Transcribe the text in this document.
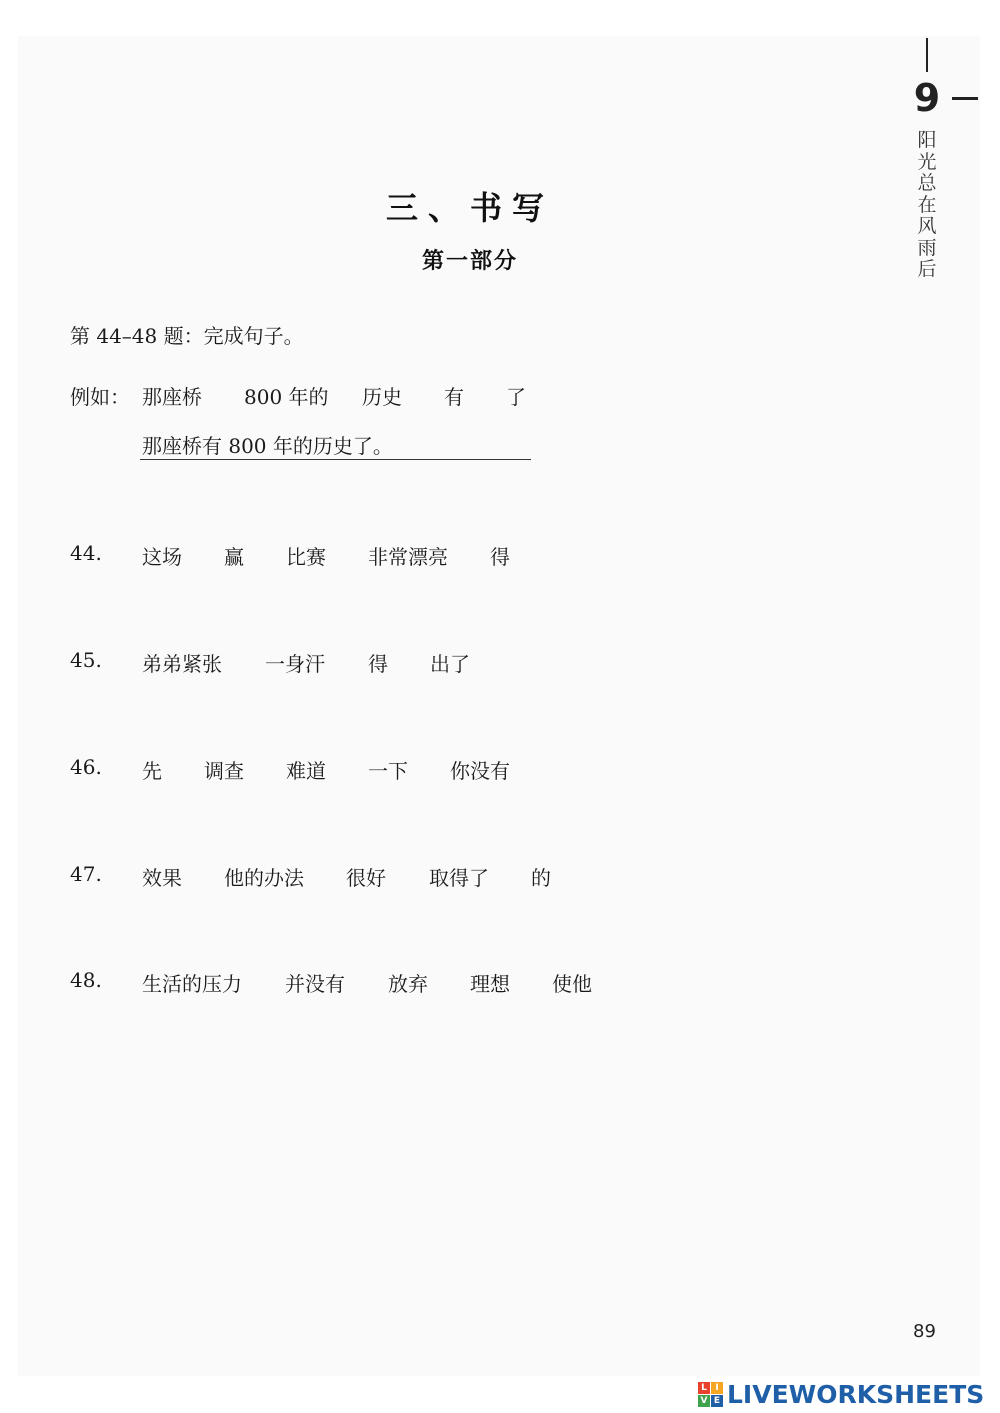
9
阳光总在风雨后
三、书写
第一部分
第 44–48 题：完成句子。
例如： 那座桥 800 年的 历史 有 了
那座桥有 800 年的历史了。
44. 这场 赢 比赛 非常漂亮 得
45. 弟弟紧张 一身汗 得 出了
46. 先 调查 难道 一下 你没有
47. 效果 他的办法 很好 取得了 的
48. 生活的压力 并没有 放弃 理想 使他
89
L I
V E LIVEWORKSHEETS
